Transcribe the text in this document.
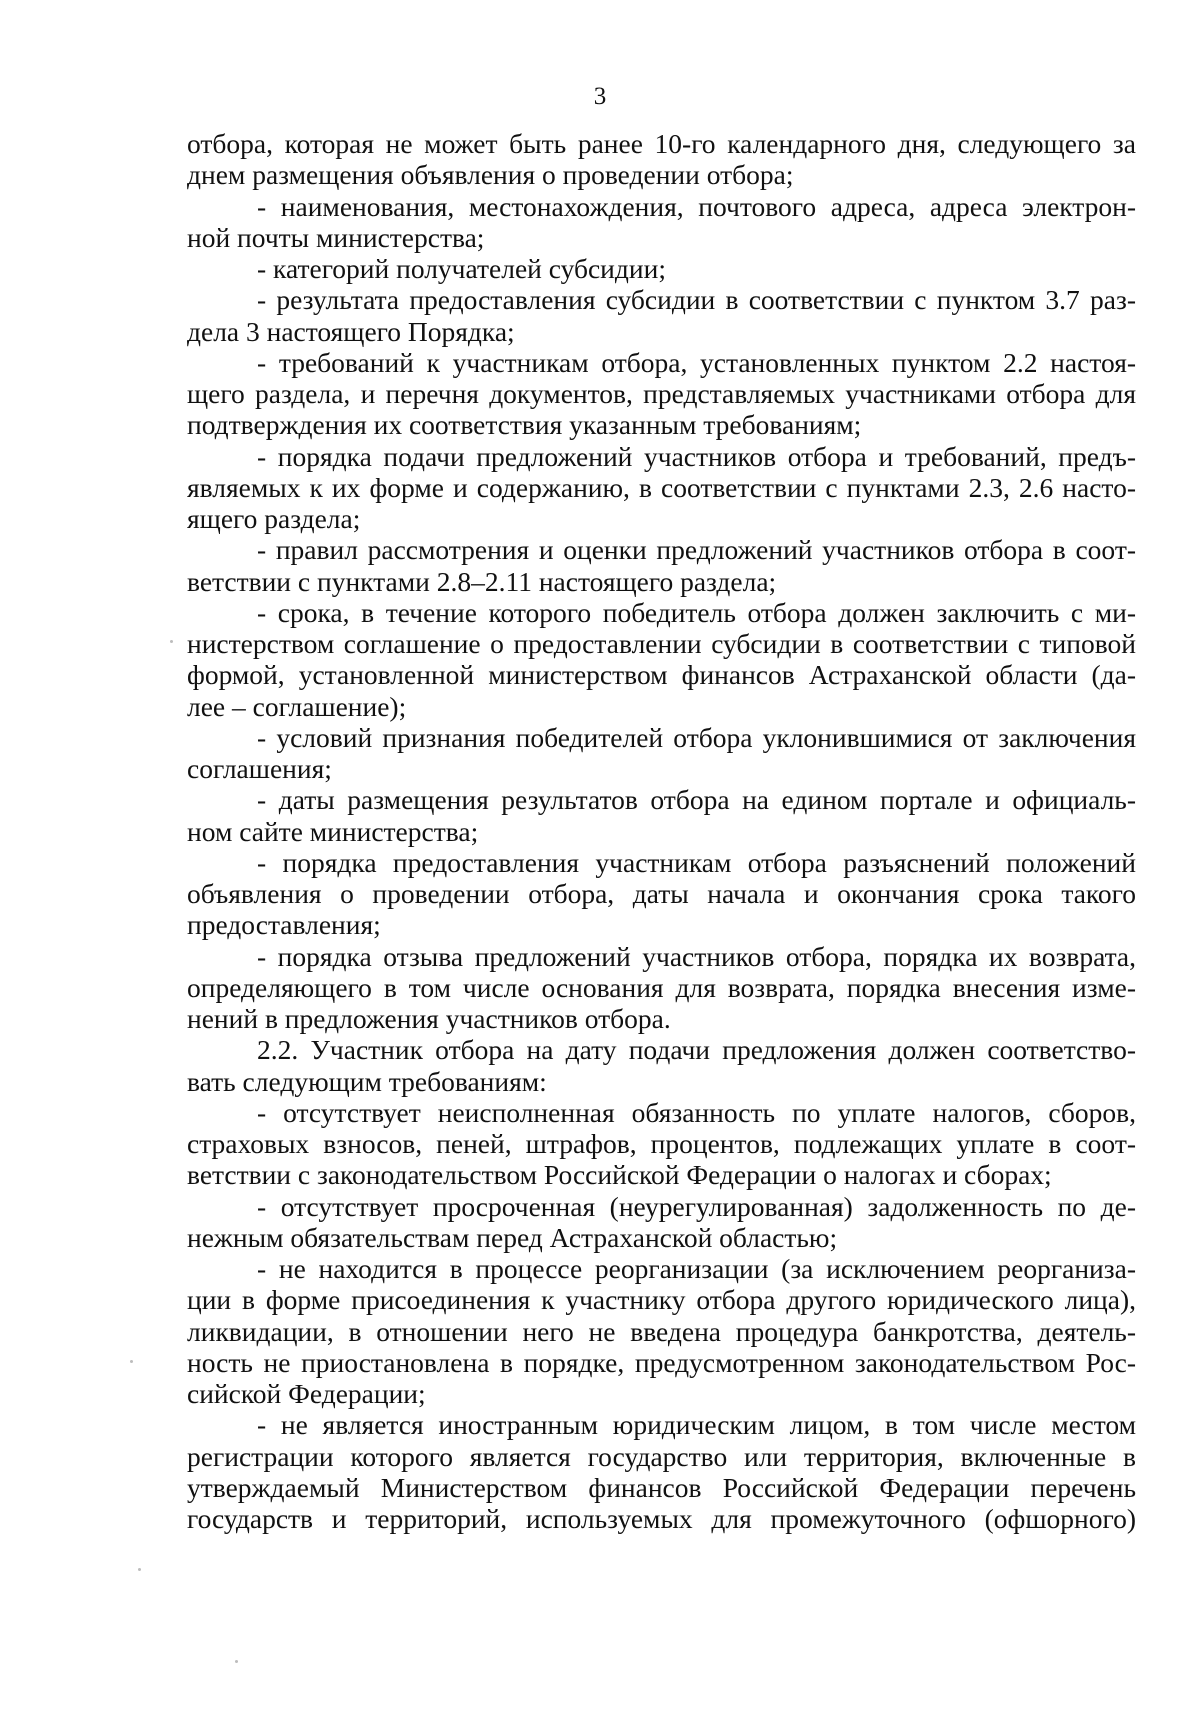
3
отбора, которая не может быть ранее 10-го календарного дня, следующего за
днем размещения объявления о проведении отбора;
- наименования, местонахождения, почтового адреса, адреса электрон-
ной почты министерства;
- категорий получателей субсидии;
- результата предоставления субсидии в соответствии с пунктом 3.7 раз-
дела 3 настоящего Порядка;
- требований к участникам отбора, установленных пунктом 2.2 настоя-
щего раздела, и перечня документов, представляемых участниками отбора для
подтверждения их соответствия указанным требованиям;
- порядка подачи предложений участников отбора и требований, предъ-
являемых к их форме и содержанию, в соответствии с пунктами 2.3, 2.6 насто-
ящего раздела;
- правил рассмотрения и оценки предложений участников отбора в соот-
ветствии с пунктами 2.8–2.11 настоящего раздела;
- срока, в течение которого победитель отбора должен заключить с ми-
нистерством соглашение о предоставлении субсидии в соответствии с типовой
формой, установленной министерством финансов Астраханской области (да-
лее – соглашение);
- условий признания победителей отбора уклонившимися от заключения
соглашения;
- даты размещения результатов отбора на едином портале и официаль-
ном сайте министерства;
- порядка предоставления участникам отбора разъяснений положений
объявления о проведении отбора, даты начала и окончания срока такого
предоставления;
- порядка отзыва предложений участников отбора, порядка их возврата,
определяющего в том числе основания для возврата, порядка внесения изме-
нений в предложения участников отбора.
2.2. Участник отбора на дату подачи предложения должен соответство-
вать следующим требованиям:
- отсутствует неисполненная обязанность по уплате налогов, сборов,
страховых взносов, пеней, штрафов, процентов, подлежащих уплате в соот-
ветствии с законодательством Российской Федерации о налогах и сборах;
- отсутствует просроченная (неурегулированная) задолженность по де-
нежным обязательствам перед Астраханской областью;
- не находится в процессе реорганизации (за исключением реорганиза-
ции в форме присоединения к участнику отбора другого юридического лица),
ликвидации, в отношении него не введена процедура банкротства, деятель-
ность не приостановлена в порядке, предусмотренном законодательством Рос-
сийской Федерации;
- не является иностранным юридическим лицом, в том числе местом
регистрации которого является государство или территория, включенные в
утверждаемый Министерством финансов Российской Федерации перечень
государств и территорий, используемых для промежуточного (офшорного)
